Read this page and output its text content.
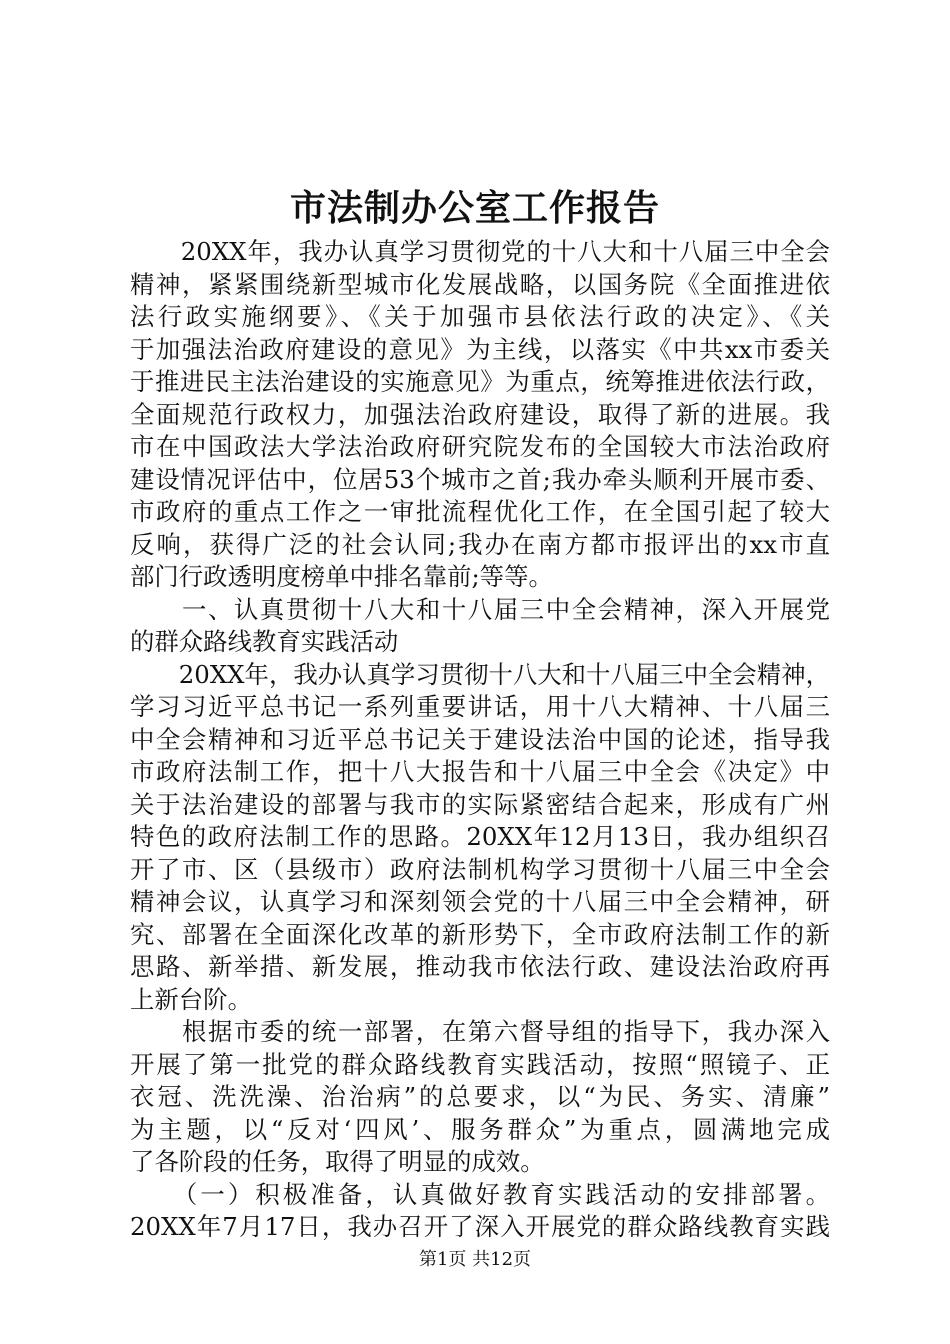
市法制办公室工作报告
　　20XX年，我办认真学习贯彻党的十八大和十八届三中全会
精神，紧紧围绕新型城市化发展战略，以国务院《全面推进依
法行政实施纲要》、《关于加强市县依法行政的决定》、《关
于加强法治政府建设的意见》为主线，以落实《中共xx市委关
于推进民主法治建设的实施意见》为重点，统筹推进依法行政，
全面规范行政权力，加强法治政府建设，取得了新的进展。我
市在中国政法大学法治政府研究院发布的全国较大市法治政府
建设情况评估中，位居53个城市之首;我办牵头顺利开展市委、
市政府的重点工作之一审批流程优化工作，在全国引起了较大
反响，获得广泛的社会认同;我办在南方都市报评出的xx市直
部门行政透明度榜单中排名靠前;等等。
　　一、认真贯彻十八大和十八届三中全会精神，深入开展党
的群众路线教育实践活动
　　20XX年，我办认真学习贯彻十八大和十八届三中全会精神，
学习习近平总书记一系列重要讲话，用十八大精神、十八届三
中全会精神和习近平总书记关于建设法治中国的论述，指导我
市政府法制工作，把十八大报告和十八届三中全会《决定》中
关于法治建设的部署与我市的实际紧密结合起来，形成有广州
特色的政府法制工作的思路。20XX年12月13日，我办组织召
开了市、区（县级市）政府法制机构学习贯彻十八届三中全会
精神会议，认真学习和深刻领会党的十八届三中全会精神，研
究、部署在全面深化改革的新形势下，全市政府法制工作的新
思路、新举措、新发展，推动我市依法行政、建设法治政府再
上新台阶。
　　根据市委的统一部署，在第六督导组的指导下，我办深入
开展了第一批党的群众路线教育实践活动，按照“照镜子、正
衣冠、洗洗澡、治治病”的总要求，以“为民、务实、清廉”
为主题，以“反对‘四风’、服务群众”为重点，圆满地完成
了各阶段的任务，取得了明显的成效。
　　（一）积极准备，认真做好教育实践活动的安排部署。
20XX年7月17日，我办召开了深入开展党的群众路线教育实践
第1页 共12页
